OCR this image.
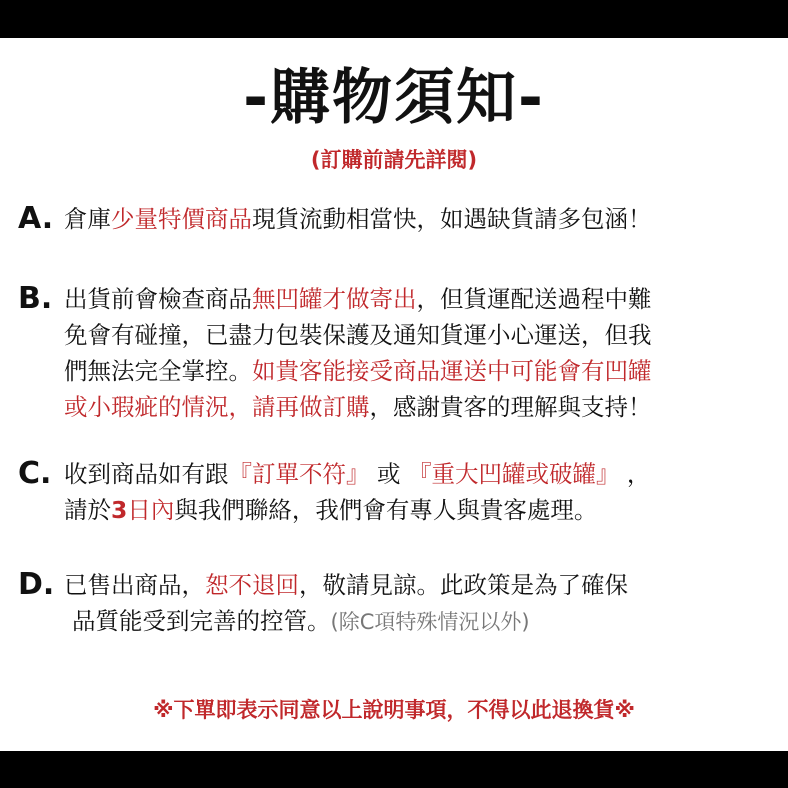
-購物須知-
(訂購前請先詳閱)
A. 倉庫少量特價商品現貨流動相當快，如遇缺貨請多包涵！
B. 出貨前會檢查商品無凹罐才做寄出，但貨運配送過程中難
免會有碰撞，已盡力包裝保護及通知貨運小心運送，但我
們無法完全掌控。如貴客能接受商品運送中可能會有凹罐
或小瑕疵的情況，請再做訂購，感謝貴客的理解與支持！
C. 收到商品如有跟『訂單不符』 或 『重大凹罐或破罐』 ，
請於3日內與我們聯絡，我們會有專人與貴客處理。
D. 已售出商品，恕不退回，敬請見諒。此政策是為了確保
品質能受到完善的控管。(除C項特殊情況以外)
※下單即表示同意以上說明事項，不得以此退換貨※
